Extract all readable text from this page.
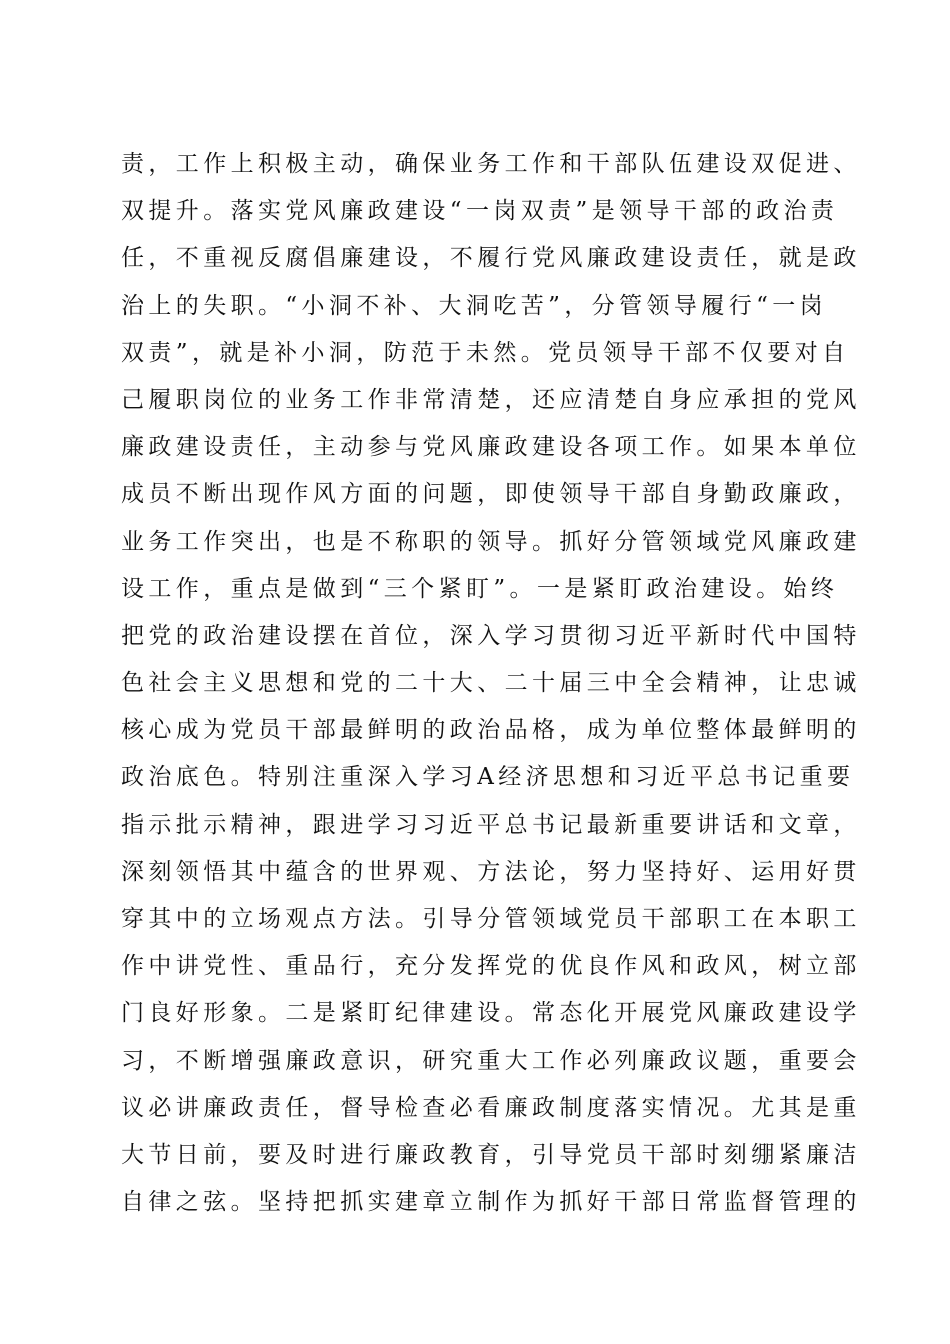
责，工作上积极主动，确保业务工作和干部队伍建设双促进、
双提升。落实党风廉政建设“一岗双责”是领导干部的政治责
任，不重视反腐倡廉建设，不履行党风廉政建设责任，就是政
治上的失职。“小洞不补、大洞吃苦”，分管领导履行“一岗
双责”，就是补小洞，防范于未然。党员领导干部不仅要对自
己履职岗位的业务工作非常清楚，还应清楚自身应承担的党风
廉政建设责任，主动参与党风廉政建设各项工作。如果本单位
成员不断出现作风方面的问题，即使领导干部自身勤政廉政，
业务工作突出，也是不称职的领导。抓好分管领域党风廉政建
设工作，重点是做到“三个紧盯”。一是紧盯政治建设。始终
把党的政治建设摆在首位，深入学习贯彻习近平新时代中国特
色社会主义思想和党的二十大、二十届三中全会精神，让忠诚
核心成为党员干部最鲜明的政治品格，成为单位整体最鲜明的
政治底色。特别注重深入学习A经济思想和习近平总书记重要
指示批示精神，跟进学习习近平总书记最新重要讲话和文章，
深刻领悟其中蕴含的世界观、方法论，努力坚持好、运用好贯
穿其中的立场观点方法。引导分管领域党员干部职工在本职工
作中讲党性、重品行，充分发挥党的优良作风和政风，树立部
门良好形象。二是紧盯纪律建设。常态化开展党风廉政建设学
习，不断增强廉政意识，研究重大工作必列廉政议题，重要会
议必讲廉政责任，督导检查必看廉政制度落实情况。尤其是重
大节日前，要及时进行廉政教育，引导党员干部时刻绷紧廉洁
自律之弦。坚持把抓实建章立制作为抓好干部日常监督管理的
